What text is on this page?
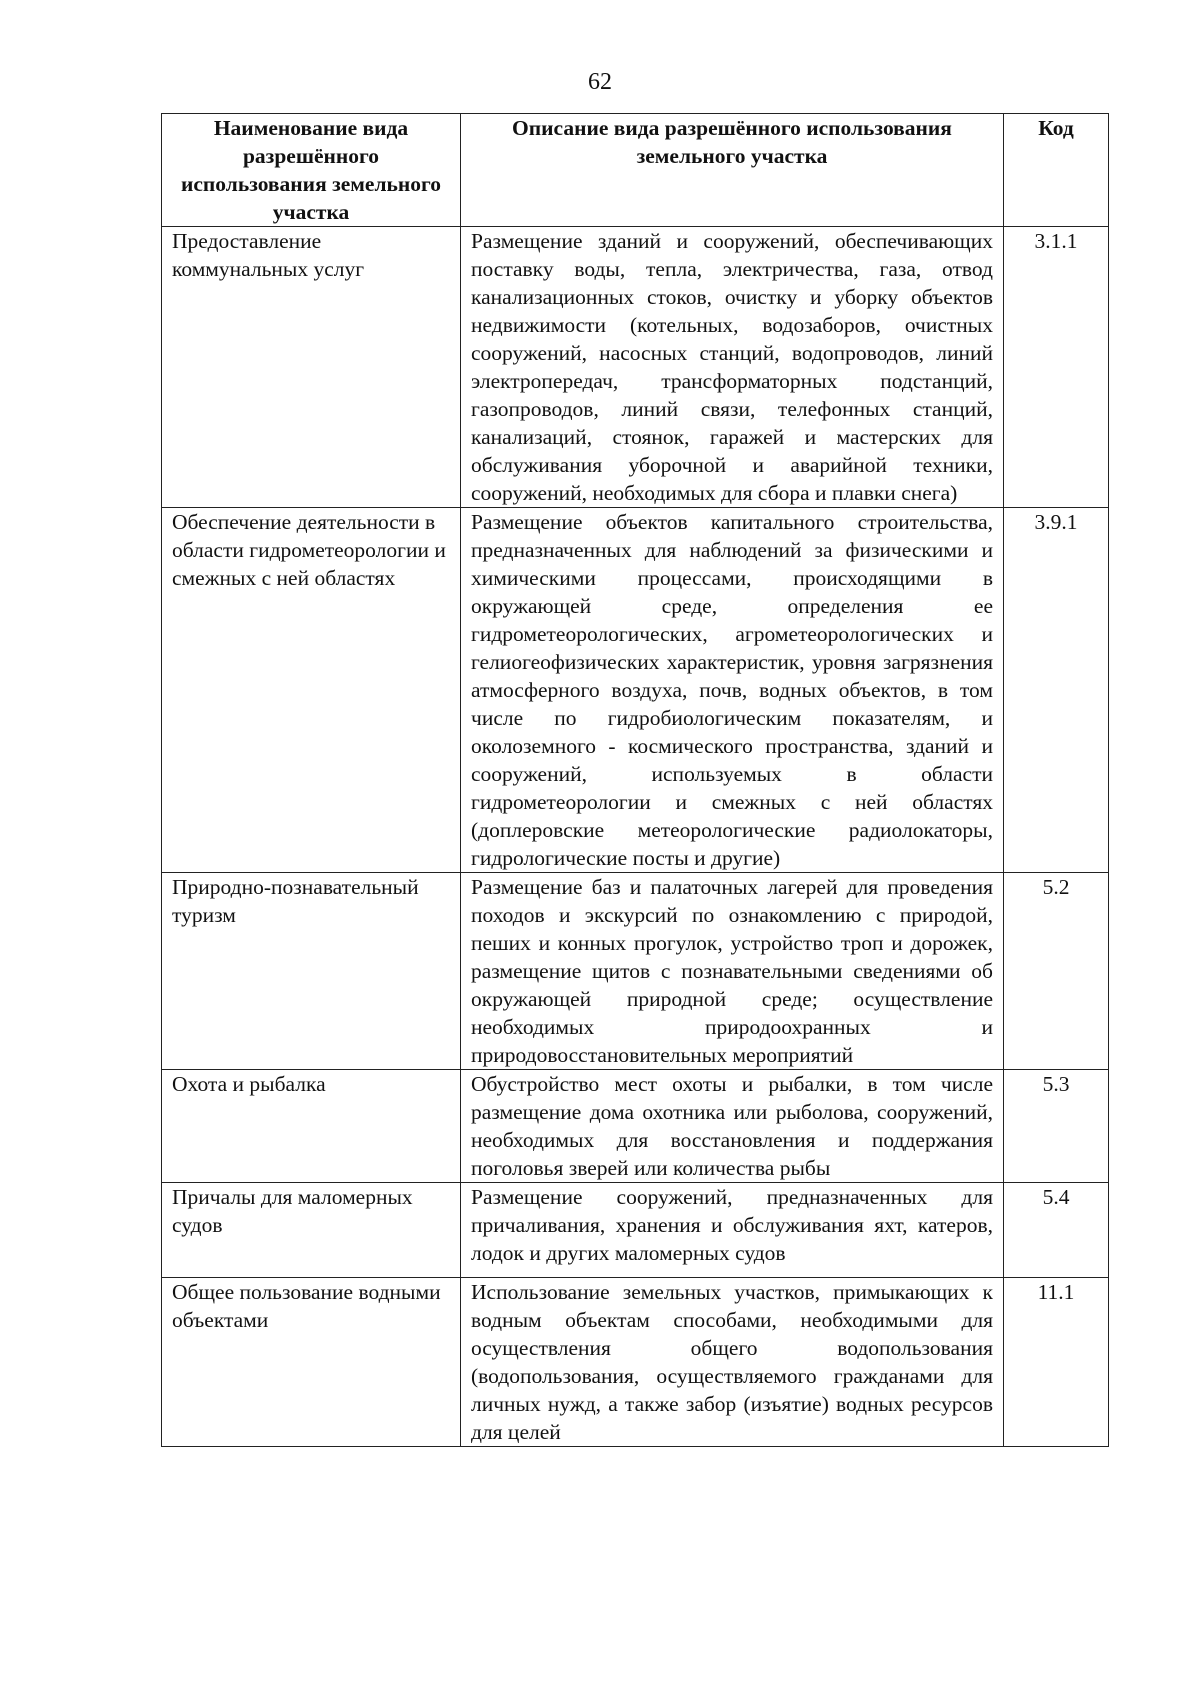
62
Наименование вида разрешённого использования земельного участка	Описание вида разрешённого использования земельного участка	Код
Предоставление коммунальных услуг	Размещение зданий и сооружений, обеспечивающих поставку воды, тепла, электричества, газа, отвод канализационных стоков, очистку и уборку объектов недвижимости (котельных, водозаборов, очистных сооружений, насосных станций, водопроводов, линий электропередач, трансформаторных подстанций, газопроводов, линий связи, телефонных станций, канализаций, стоянок, гаражей и мастерских для обслуживания уборочной и аварийной техники, сооружений, необходимых для сбора и плавки снега)	3.1.1
Обеспечение деятельности в области гидрометеорологии и смежных с ней областях	Размещение объектов капитального строительства, предназначенных для наблюдений за физическими и химическими процессами, происходящими в окружающей среде, определения ее гидрометеорологических, агрометеорологических и гелиогеофизических характеристик, уровня загрязнения атмосферного воздуха, почв, водных объектов, в том числе по гидробиологическим показателям, и околоземного - космического пространства, зданий и сооружений, используемых в области гидрометеорологии и смежных с ней областях (доплеровские метеорологические радиолокаторы, гидрологические посты и другие)	3.9.1
Природно-познавательный туризм	Размещение баз и палаточных лагерей для проведения походов и экскурсий по ознакомлению с природой, пеших и конных прогулок, устройство троп и дорожек, размещение щитов с познавательными сведениями об окружающей природной среде; осуществление необходимых природоохранных и природовосстановительных мероприятий	5.2
Охота и рыбалка	Обустройство мест охоты и рыбалки, в том числе размещение дома охотника или рыболова, сооружений, необходимых для восстановления и поддержания поголовья зверей или количества рыбы	5.3
Причалы для маломерных судов	Размещение сооружений, предназначенных для причаливания, хранения и обслуживания яхт, катеров, лодок и других маломерных судов	5.4
Общее пользование водными объектами	Использование земельных участков, примыкающих к водным объектам способами, необходимыми для осуществления общего водопользования (водопользования, осуществляемого гражданами для личных нужд, а также забор (изъятие) водных ресурсов для целей	11.1
